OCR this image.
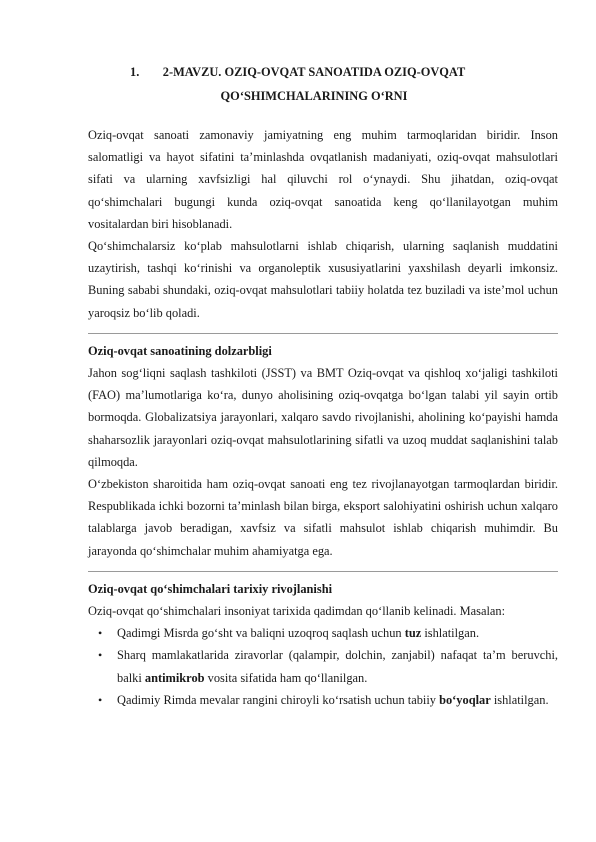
1.	2-MAVZU. OZIQ-OVQAT SANOATIDA OZIQ-OVQAT
QO‘SHIMCHALARINING O‘RNI

Oziq-ovqat sanoati zamonaviy jamiyatning eng muhim tarmoqlaridan biridir. Inson salomatligi va hayot sifatini ta’minlashda ovqatlanish madaniyati, oziq-ovqat mahsulotlari sifati va ularning xavfsizligi hal qiluvchi rol o‘ynaydi. Shu jihatdan, oziq-ovqat qo‘shimchalari bugungi kunda oziq-ovqat sanoatida keng qo‘llanilayotgan muhim vositalardan biri hisoblanadi.

Qo‘shimchalarsiz ko‘plab mahsulotlarni ishlab chiqarish, ularning saqlanish muddatini uzaytirish, tashqi ko‘rinishi va organoleptik xususiyatlarini yaxshilash deyarli imkonsiz. Buning sababi shundaki, oziq-ovqat mahsulotlari tabiiy holatda tez buziladi va iste’mol uchun yaroqsiz bo‘lib qoladi.

Oziq-ovqat sanoatining dolzarbligi

Jahon sog‘liqni saqlash tashkiloti (JSST) va BMT Oziq-ovqat va qishloq xo‘jaligi tashkiloti (FAO) ma’lumotlariga ko‘ra, dunyo aholisining oziq-ovqatga bo‘lgan talabi yil sayin ortib bormoqda. Globalizatsiya jarayonlari, xalqaro savdo rivojlanishi, aholining ko‘payishi hamda shaharsozlik jarayonlari oziq-ovqat mahsulotlarining sifatli va uzoq muddat saqlanishini talab qilmoqda.

O‘zbekiston sharoitida ham oziq-ovqat sanoati eng tez rivojlanayotgan tarmoqlardan biridir. Respublikada ichki bozorni ta’minlash bilan birga, eksport salohiyatini oshirish uchun xalqaro talablarga javob beradigan, xavfsiz va sifatli mahsulot ishlab chiqarish muhimdir. Bu jarayonda qo‘shimchalar muhim ahamiyatga ega.

Oziq-ovqat qo‘shimchalari tarixiy rivojlanishi

Oziq-ovqat qo‘shimchalari insoniyat tarixida qadimdan qo‘llanib kelinadi. Masalan:

• Qadimgi Misrda go‘sht va baliqni uzoqroq saqlash uchun tuz ishlatilgan.
• Sharq mamlakatlarida ziravorlar (qalampir, dolchin, zanjabil) nafaqat ta’m beruvchi, balki antimikrob vosita sifatida ham qo‘llanilgan.
• Qadimiy Rimda mevalar rangini chiroyli ko‘rsatish uchun tabiiy bo‘yoqlar ishlatilgan.
